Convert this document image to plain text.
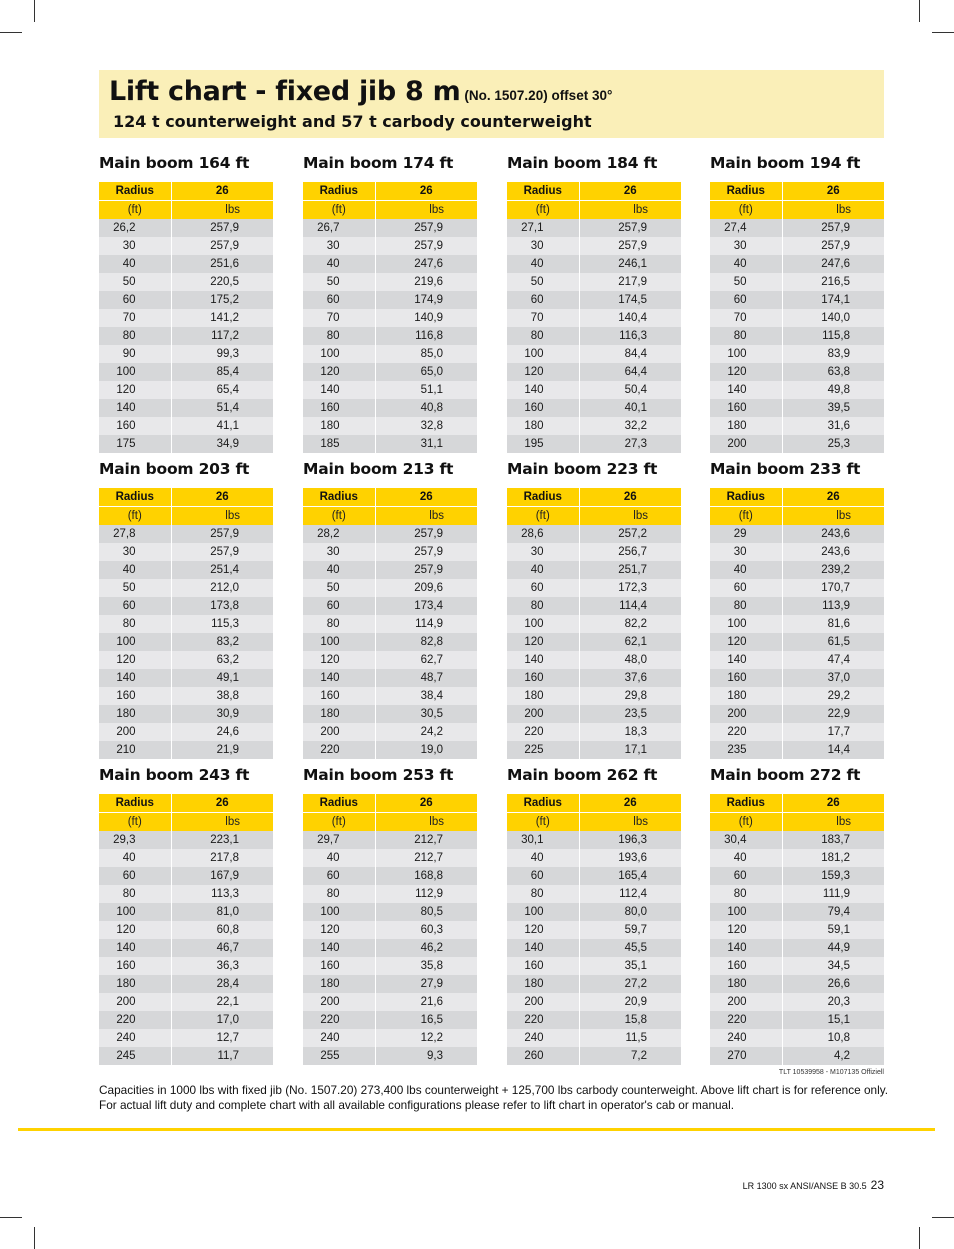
Lift chart - fixed jib 8 m (No. 1507.20) offset 30°
124 t counterweight and 57 t carbody counterweight
Main boom 164 ft
Radius	26
(ft)	lbs
26,2	257,9
30	257,9
40	251,6
50	220,5
60	175,2
70	141,2
80	117,2
90	99,3
100	85,4
120	65,4
140	51,4
160	41,1
175	34,9
Main boom 174 ft
Radius	26
(ft)	lbs
26,7	257,9
30	257,9
40	247,6
50	219,6
60	174,9
70	140,9
80	116,8
100	85,0
120	65,0
140	51,1
160	40,8
180	32,8
185	31,1
Main boom 184 ft
Radius	26
(ft)	lbs
27,1	257,9
30	257,9
40	246,1
50	217,9
60	174,5
70	140,4
80	116,3
100	84,4
120	64,4
140	50,4
160	40,1
180	32,2
195	27,3
Main boom 194 ft
Radius	26
(ft)	lbs
27,4	257,9
30	257,9
40	247,6
50	216,5
60	174,1
70	140,0
80	115,8
100	83,9
120	63,8
140	49,8
160	39,5
180	31,6
200	25,3
Main boom 203 ft
Radius	26
(ft)	lbs
27,8	257,9
30	257,9
40	251,4
50	212,0
60	173,8
80	115,3
100	83,2
120	63,2
140	49,1
160	38,8
180	30,9
200	24,6
210	21,9
Main boom 213 ft
Radius	26
(ft)	lbs
28,2	257,9
30	257,9
40	257,9
50	209,6
60	173,4
80	114,9
100	82,8
120	62,7
140	48,7
160	38,4
180	30,5
200	24,2
220	19,0
Main boom 223 ft
Radius	26
(ft)	lbs
28,6	257,2
30	256,7
40	251,7
60	172,3
80	114,4
100	82,2
120	62,1
140	48,0
160	37,6
180	29,8
200	23,5
220	18,3
225	17,1
Main boom 233 ft
Radius	26
(ft)	lbs
29	243,6
30	243,6
40	239,2
60	170,7
80	113,9
100	81,6
120	61,5
140	47,4
160	37,0
180	29,2
200	22,9
220	17,7
235	14,4
Main boom 243 ft
Radius	26
(ft)	lbs
29,3	223,1
40	217,8
60	167,9
80	113,3
100	81,0
120	60,8
140	46,7
160	36,3
180	28,4
200	22,1
220	17,0
240	12,7
245	11,7
Main boom 253 ft
Radius	26
(ft)	lbs
29,7	212,7
40	212,7
60	168,8
80	112,9
100	80,5
120	60,3
140	46,2
160	35,8
180	27,9
200	21,6
220	16,5
240	12,2
255	9,3
Main boom 262 ft
Radius	26
(ft)	lbs
30,1	196,3
40	193,6
60	165,4
80	112,4
100	80,0
120	59,7
140	45,5
160	35,1
180	27,2
200	20,9
220	15,8
240	11,5
260	7,2
Main boom 272 ft
Radius	26
(ft)	lbs
30,4	183,7
40	181,2
60	159,3
80	111,9
100	79,4
120	59,1
140	44,9
160	34,5
180	26,6
200	20,3
220	15,1
240	10,8
270	4,2
TLT 10539958 - M107135 Offiziell
Capacities in 1000 lbs with fixed jib (No. 1507.20) 273,400 lbs counterweight + 125,700 lbs carbody counterweight. Above lift chart is for reference only. For actual lift duty and complete chart with all available configurations please refer to lift chart in operator's cab or manual.
LR 1300 sx ANSI/ANSE B 30.5 23
